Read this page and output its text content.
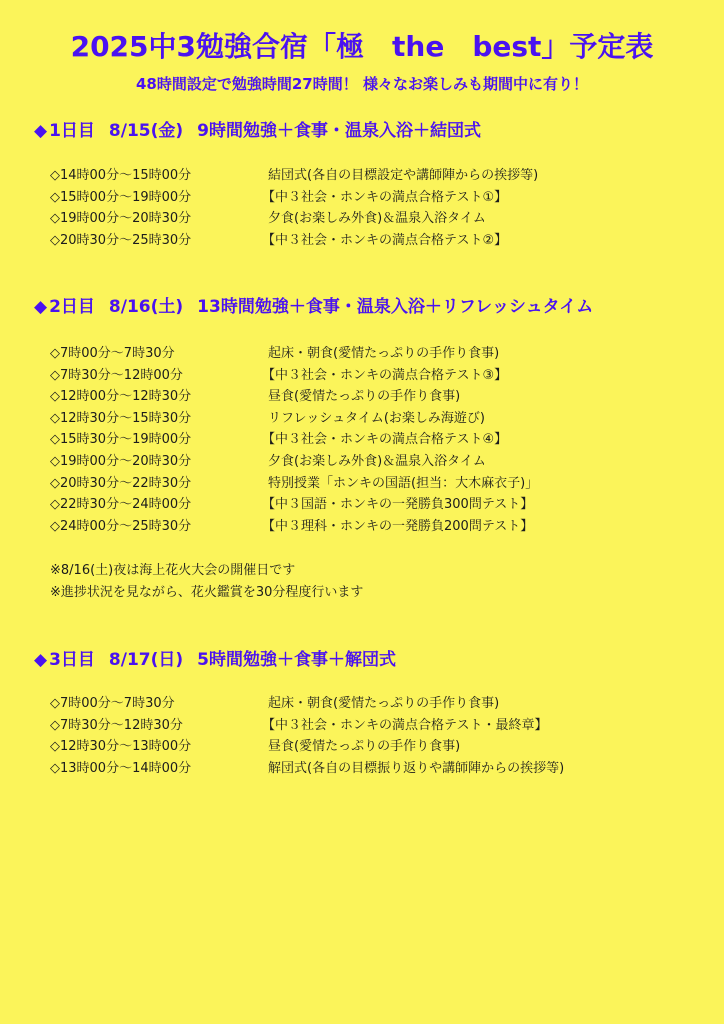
2025中3勉強合宿「極　the　best」予定表
48時間設定で勉強時間27時間！ 様々なお楽しみも期間中に有り！
◆ 1日目 8/15(金) 9時間勉強＋食事・温泉入浴＋結団式
◇14時00分～15時00分	結団式(各自の目標設定や講師陣からの挨拶等)
◇15時00分～19時00分	【中３社会・ホンキの満点合格テスト①】
◇19時00分～20時30分	夕食(お楽しみ外食)＆温泉入浴タイム
◇20時30分～25時30分	【中３社会・ホンキの満点合格テスト②】
◆ 2日目 8/16(土) 13時間勉強＋食事・温泉入浴＋リフレッシュタイム
◇7時00分～7時30分	起床・朝食(愛情たっぷりの手作り食事)
◇7時30分～12時00分	【中３社会・ホンキの満点合格テスト③】
◇12時00分～12時30分	昼食(愛情たっぷりの手作り食事)
◇12時30分～15時30分	リフレッシュタイム(お楽しみ海遊び)
◇15時30分～19時00分	【中３社会・ホンキの満点合格テスト④】
◇19時00分～20時30分	夕食(お楽しみ外食)＆温泉入浴タイム
◇20時30分～22時30分	特別授業「ホンキの国語(担当：大木麻衣子)」
◇22時30分～24時00分	【中３国語・ホンキの一発勝負300問テスト】
◇24時00分～25時30分	【中３理科・ホンキの一発勝負200問テスト】
※8/16(土)夜は海上花火大会の開催日です
※進捗状況を見ながら、花火鑑賞を30分程度行います
◆ 3日目 8/17(日) 5時間勉強＋食事＋解団式
◇7時00分～7時30分	起床・朝食(愛情たっぷりの手作り食事)
◇7時30分～12時30分	【中３社会・ホンキの満点合格テスト・最終章】
◇12時30分～13時00分	昼食(愛情たっぷりの手作り食事)
◇13時00分～14時00分	解団式(各自の目標振り返りや講師陣からの挨拶等)
